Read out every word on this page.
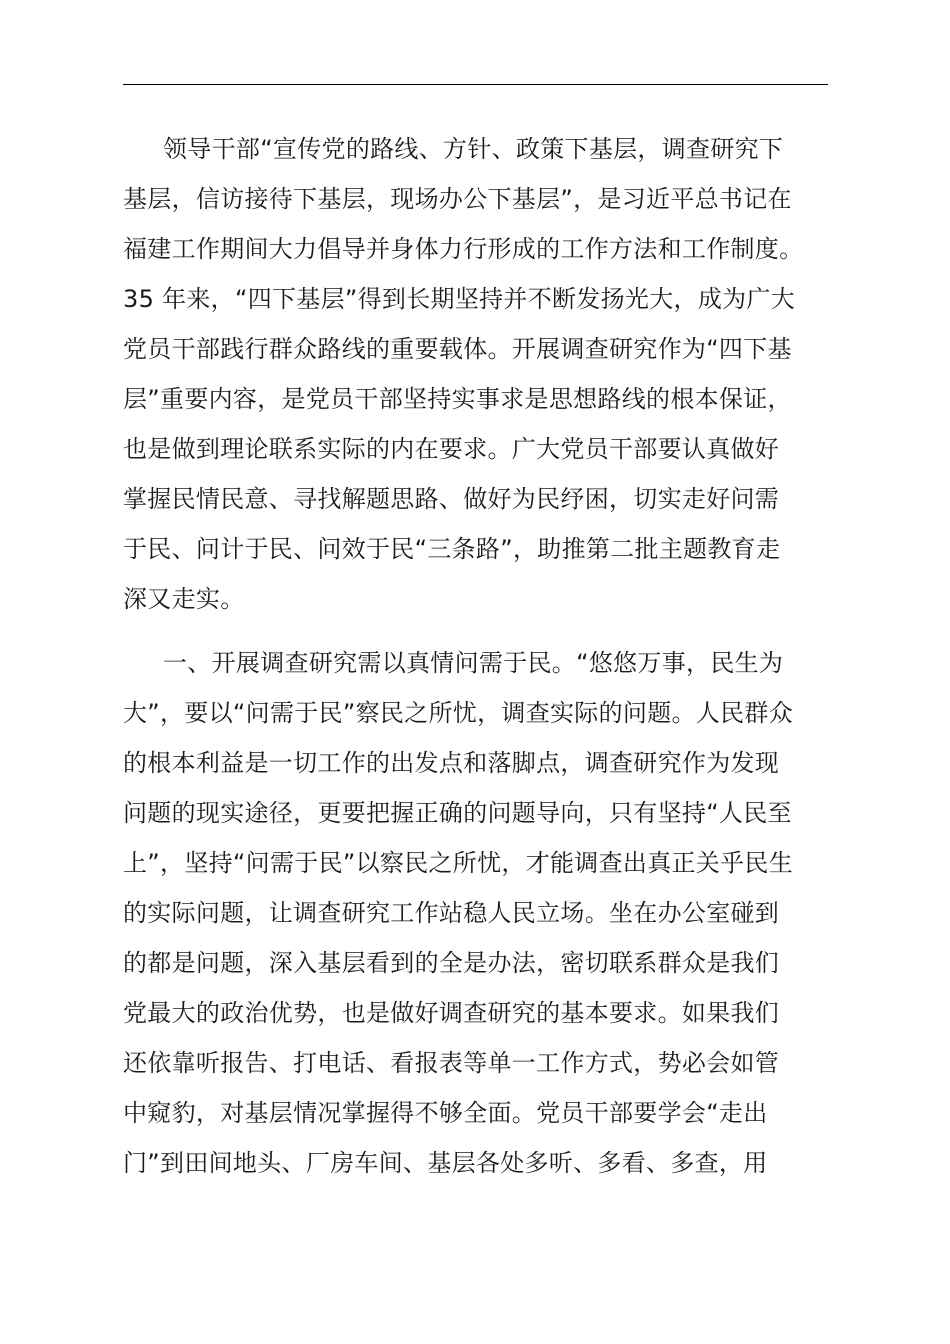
领导干部“宣传党的路线、方针、政策下基层，调查研究下
基层，信访接待下基层，现场办公下基层”，是习近平总书记在
福建工作期间大力倡导并身体力行形成的工作方法和工作制度。
35 年来，“四下基层”得到长期坚持并不断发扬光大，成为广大
党员干部践行群众路线的重要载体。开展调查研究作为“四下基
层”重要内容，是党员干部坚持实事求是思想路线的根本保证，
也是做到理论联系实际的内在要求。广大党员干部要认真做好
掌握民情民意、寻找解题思路、做好为民纾困，切实走好问需
于民、问计于民、问效于民“三条路”，助推第二批主题教育走
深又走实。
一、开展调查研究需以真情问需于民。“悠悠万事，民生为
大”，要以“问需于民”察民之所忧，调查实际的问题。人民群众
的根本利益是一切工作的出发点和落脚点，调查研究作为发现
问题的现实途径，更要把握正确的问题导向，只有坚持“人民至
上”，坚持“问需于民”以察民之所忧，才能调查出真正关乎民生
的实际问题，让调查研究工作站稳人民立场。坐在办公室碰到
的都是问题，深入基层看到的全是办法，密切联系群众是我们
党最大的政治优势，也是做好调查研究的基本要求。如果我们
还依靠听报告、打电话、看报表等单一工作方式，势必会如管
中窥豹，对基层情况掌握得不够全面。党员干部要学会“走出
门”到田间地头、厂房车间、基层各处多听、多看、多查，用
